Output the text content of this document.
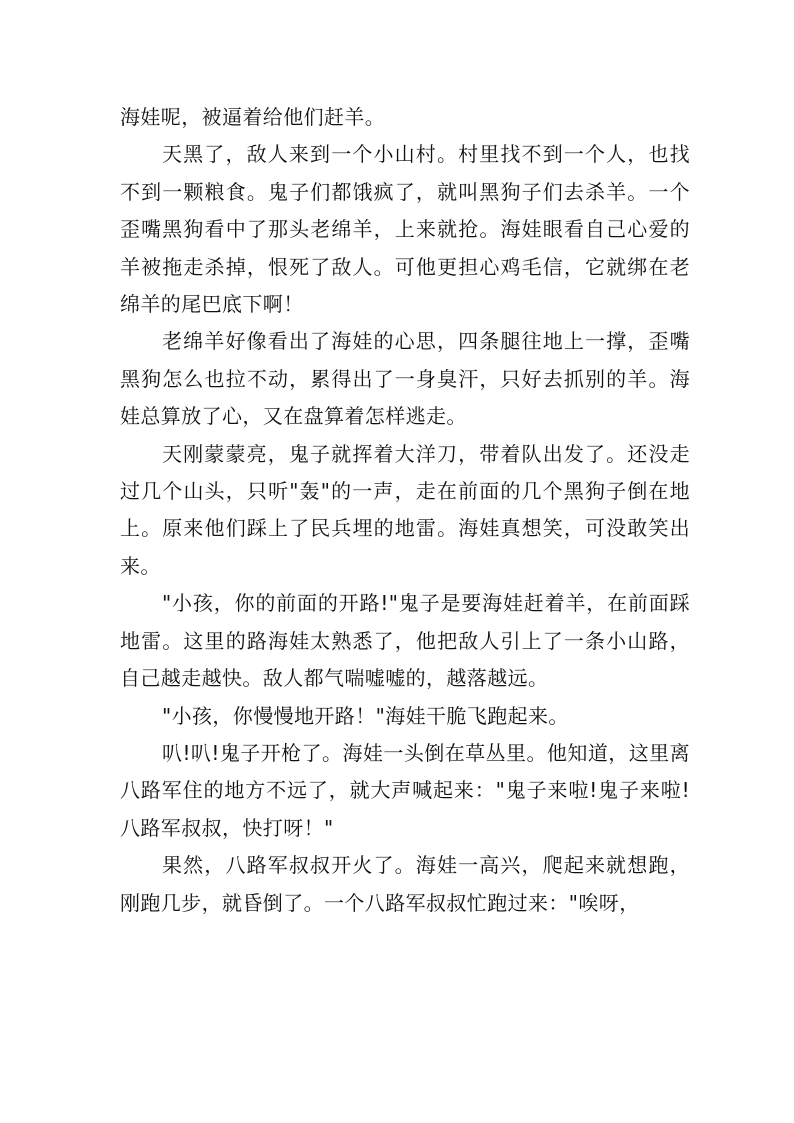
海娃呢，被逼着给他们赶羊。

天黑了，敌人来到一个小山村。村里找不到一个人，也找不到一颗粮食。鬼子们都饿疯了，就叫黑狗子们去杀羊。一个歪嘴黑狗看中了那头老绵羊，上来就抢。海娃眼看自己心爱的羊被拖走杀掉，恨死了敌人。可他更担心鸡毛信，它就绑在老绵羊的尾巴底下啊！

老绵羊好像看出了海娃的心思，四条腿往地上一撑，歪嘴黑狗怎么也拉不动，累得出了一身臭汗，只好去抓别的羊。海娃总算放了心，又在盘算着怎样逃走。

天刚蒙蒙亮，鬼子就挥着大洋刀，带着队出发了。还没走过几个山头，只听"轰"的一声，走在前面的几个黑狗子倒在地上。原来他们踩上了民兵埋的地雷。海娃真想笑，可没敢笑出来。

"小孩，你的前面的开路!"鬼子是要海娃赶着羊，在前面踩地雷。这里的路海娃太熟悉了，他把敌人引上了一条小山路，自己越走越快。敌人都气喘嘘嘘的，越落越远。

"小孩，你慢慢地开路！"海娃干脆飞跑起来。

叭!叭!鬼子开枪了。海娃一头倒在草丛里。他知道，这里离八路军住的地方不远了，就大声喊起来："鬼子来啦!鬼子来啦!八路军叔叔，快打呀！"

果然，八路军叔叔开火了。海娃一高兴，爬起来就想跑，刚跑几步，就昏倒了。一个八路军叔叔忙跑过来："唉呀，
